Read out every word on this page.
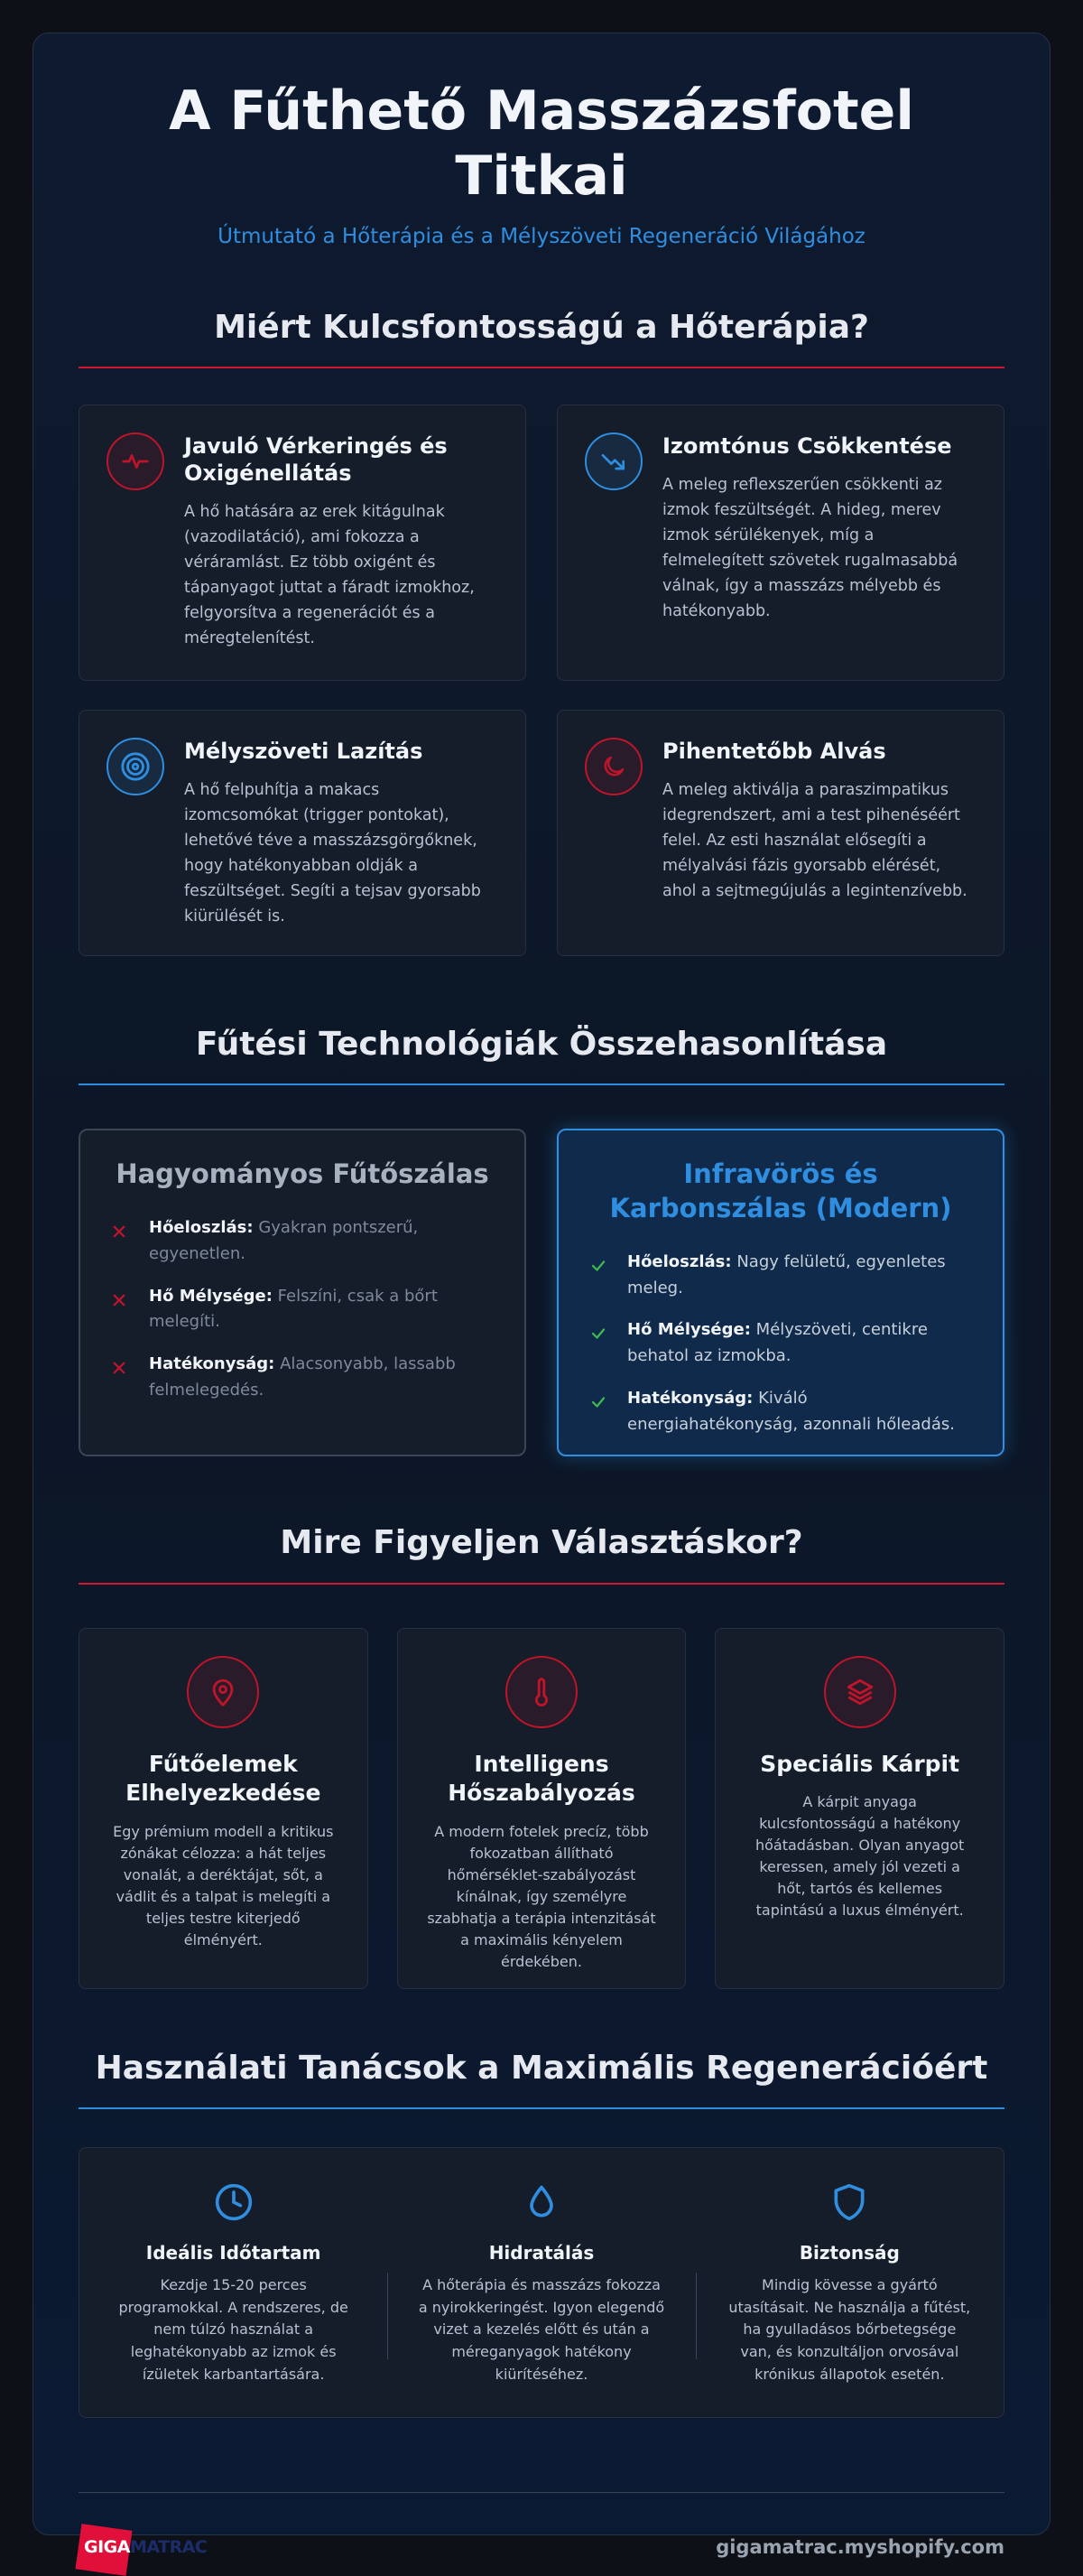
A Fűthető Masszázsfotel Titkai
Útmutató a Hőterápia és a Mélyszöveti Regeneráció Világához
Miért Kulcsfontosságú a Hőterápia?
Javuló Vérkeringés és Oxigénellátás
A hő hatására az erek kitágulnak (vazodilatáció), ami fokozza a véráramlást. Ez több oxigént és tápanyagot juttat a fáradt izmokhoz, felgyorsítva a regenerációt és a méregtelenítést.
Izomtónus Csökkentése
A meleg reflexszerűen csökkenti az izmok feszültségét. A hideg, merev izmok sérülékenyek, míg a felmelegített szövetek rugalmasabbá válnak, így a masszázs mélyebb és hatékonyabb.
Mélyszöveti Lazítás
A hő felpuhítja a makacs izomcsomókat (trigger pontokat), lehetővé téve a masszázsgörgőknek, hogy hatékonyabban oldják a feszültséget. Segíti a tejsav gyorsabb kiürülését is.
Pihentetőbb Alvás
A meleg aktiválja a paraszimpatikus idegrendszert, ami a test pihenéséért felel. Az esti használat elősegíti a mélyalvási fázis gyorsabb elérését, ahol a sejtmegújulás a legintenzívebb.
Fűtési Technológiák Összehasonlítása
Hagyományos Fűtőszálas
Hőeloszlás: Gyakran pontszerű, egyenetlen.
Hő Mélysége: Felszíni, csak a bőrt melegíti.
Hatékonyság: Alacsonyabb, lassabb felmelegedés.
Infravörös és Karbonszálas (Modern)
Hőeloszlás: Nagy felületű, egyenletes meleg.
Hő Mélysége: Mélyszöveti, centikre behatol az izmokba.
Hatékonyság: Kiváló energiahatékonyság, azonnali hőleadás.
Mire Figyeljen Választáskor?
Fűtőelemek Elhelyezkedése
Egy prémium modell a kritikus zónákat célozza: a hát teljes vonalát, a deréktájat, sőt, a vádlit és a talpat is melegíti a teljes testre kiterjedő élményért.
Intelligens Hőszabályozás
A modern fotelek precíz, több fokozatban állítható hőmérséklet-szabályozást kínálnak, így személyre szabhatja a terápia intenzitását a maximális kényelem érdekében.
Speciális Kárpit
A kárpit anyaga kulcsfontosságú a hatékony hőátadásban. Olyan anyagot keressen, amely jól vezeti a hőt, tartós és kellemes tapintású a luxus élményért.
Használati Tanácsok a Maximális Regenerációért
Ideális Időtartam
Kezdje 15-20 perces programokkal. A rendszeres, de nem túlzó használat a leghatékonyabb az izmok és ízületek karbantartására.
Hidratálás
A hőterápia és masszázs fokozza a nyirokkeringést. Igyon elegendő vizet a kezelés előtt és után a méreganyagok hatékony kiürítéséhez.
Biztonság
Mindig kövesse a gyártó utasításait. Ne használja a fűtést, ha gyulladásos bőrbetegsége van, és konzultáljon orvosával krónikus állapotok esetén.
GIGAMATRAC	gigamatrac.myshopify.com
